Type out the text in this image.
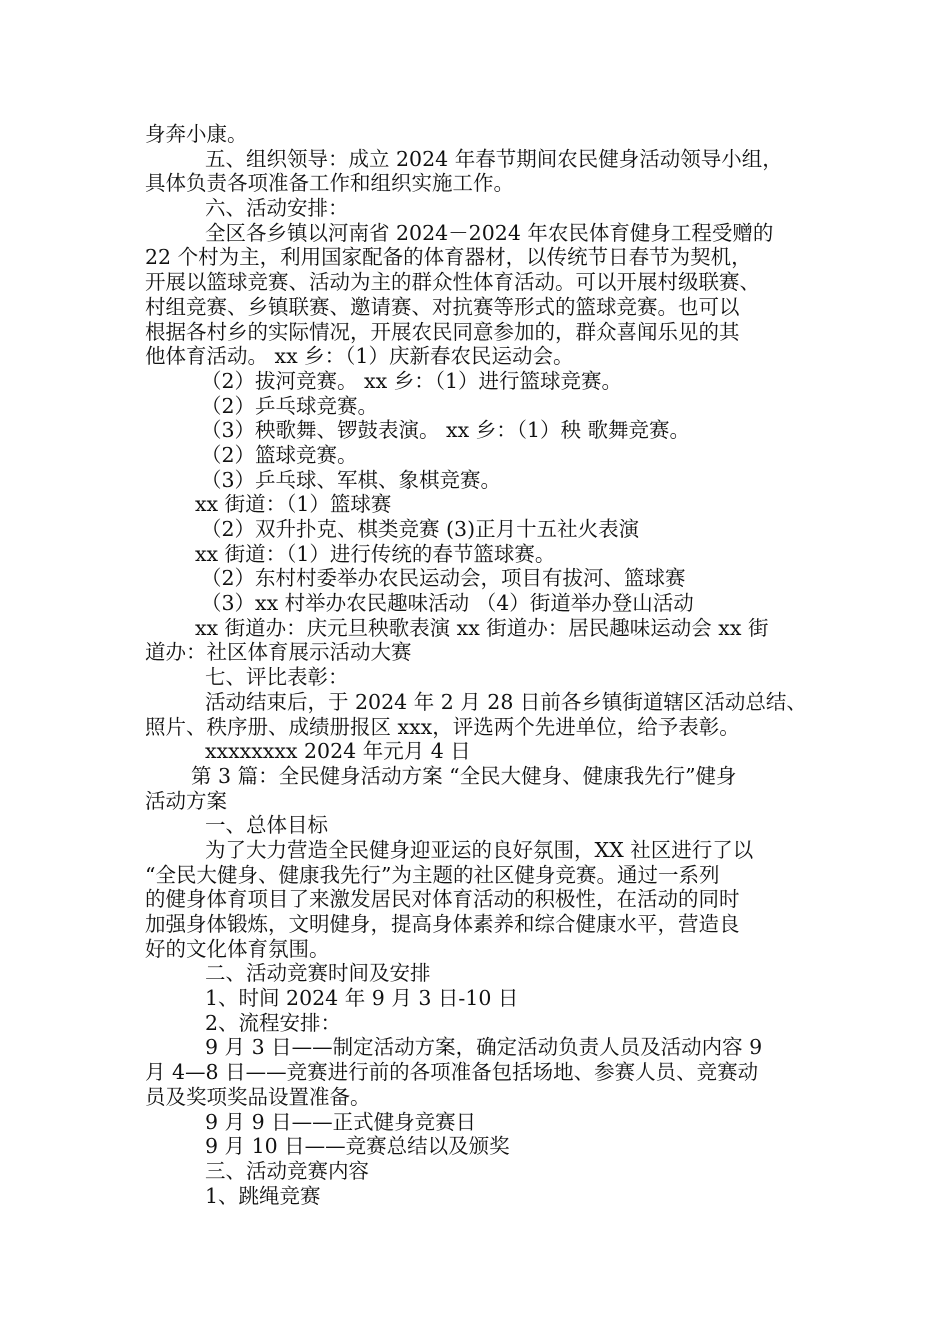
身奔小康。
五、组织领导：成立 2024 年春节期间农民健身活动领导小组，
具体负责各项准备工作和组织实施工作。
六、活动安排：
全区各乡镇以河南省 2024－2024 年农民体育健身工程受赠的
22 个村为主，利用国家配备的体育器材，以传统节日春节为契机，
开展以篮球竞赛、活动为主的群众性体育活动。可以开展村级联赛、
村组竞赛、乡镇联赛、邀请赛、对抗赛等形式的篮球竞赛。也可以
根据各村乡的实际情况，开展农民同意参加的，群众喜闻乐见的其
他体育活动。 xx 乡：（1）庆新春农民运动会。
（2）拔河竞赛。 xx 乡：（1）进行篮球竞赛。
（2）乒乓球竞赛。
（3）秧歌舞、锣鼓表演。 xx 乡：（1）秧 歌舞竞赛。
（2）篮球竞赛。
（3）乒乓球、军棋、象棋竞赛。
xx 街道：（1）篮球赛
（2）双升扑克、棋类竞赛 (3)正月十五社火表演
xx 街道：（1）进行传统的春节篮球赛。
（2）东村村委举办农民运动会，项目有拔河、篮球赛
（3）xx 村举办农民趣味活动 （4）街道举办登山活动
xx 街道办：庆元旦秧歌表演 xx 街道办：居民趣味运动会 xx 街
道办：社区体育展示活动大赛
七、评比表彰：
活动结束后，于 2024 年 2 月 28 日前各乡镇街道辖区活动总结、
照片、秩序册、成绩册报区 xxx，评选两个先进单位，给予表彰。
xxxxxxxx 2024 年元月 4 日
第 3 篇：全民健身活动方案 “全民大健身、健康我先行”健身
活动方案
一、总体目标
为了大力营造全民健身迎亚运的良好氛围，XX 社区进行了以
“全民大健身、健康我先行”为主题的社区健身竞赛。通过一系列
的健身体育项目了来激发居民对体育活动的积极性，在活动的同时
加强身体锻炼，文明健身，提高身体素养和综合健康水平，营造良
好的文化体育氛围。
二、活动竞赛时间及安排
1、时间 2024 年 9 月 3 日-10 日
2、流程安排：
9 月 3 日——制定活动方案，确定活动负责人员及活动内容 9
月 4—8 日——竞赛进行前的各项准备包括场地、参赛人员、竞赛动
员及奖项奖品设置准备。
9 月 9 日——正式健身竞赛日
9 月 10 日——竞赛总结以及颁奖
三、活动竞赛内容
1、跳绳竞赛
